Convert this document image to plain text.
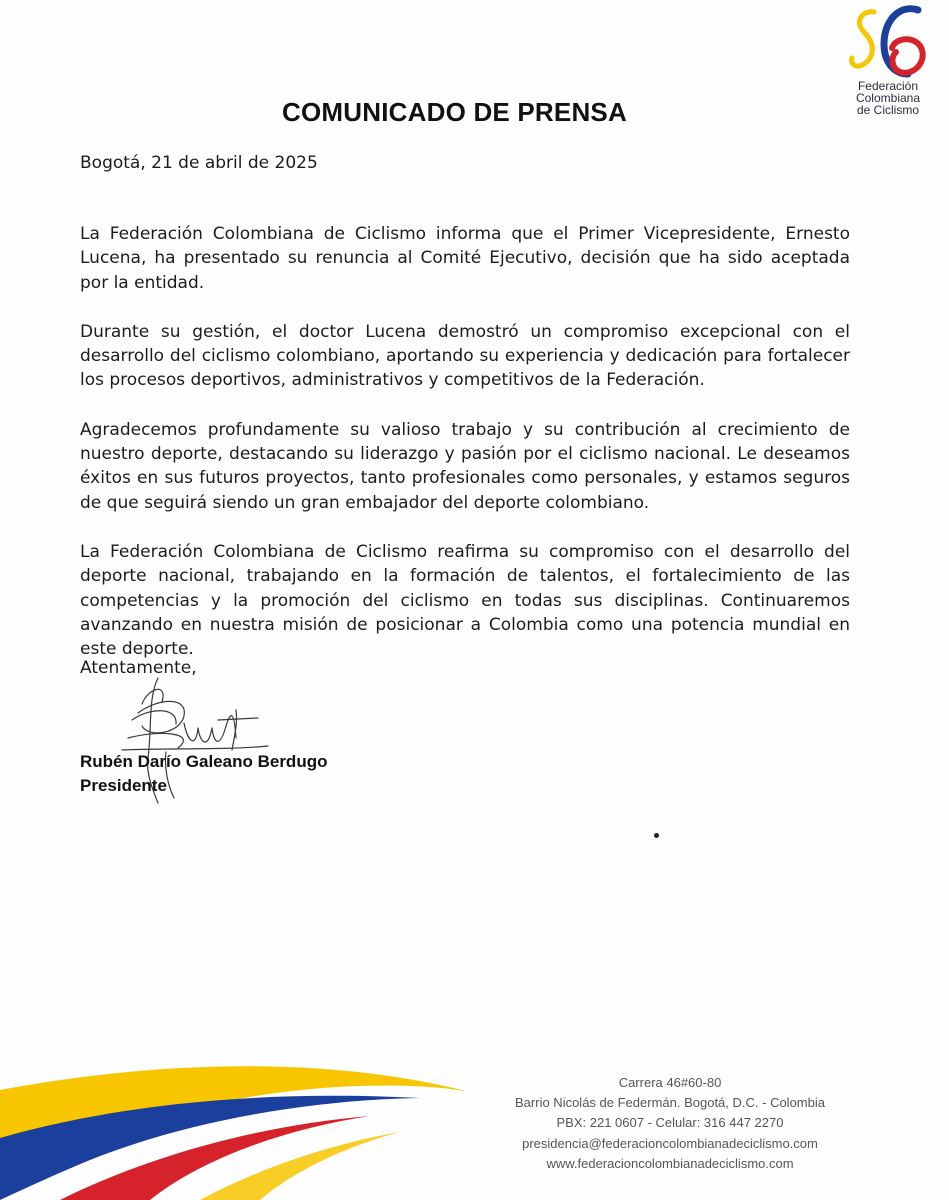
Federación
Colombiana
de Ciclismo
COMUNICADO DE PRENSA
Bogotá, 21 de abril de 2025

La Federación Colombiana de Ciclismo informa que el Primer Vicepresidente, Ernesto Lucena, ha presentado su renuncia al Comité Ejecutivo, decisión que ha sido aceptada por la entidad.

Durante su gestión, el doctor Lucena demostró un compromiso excepcional con el desarrollo del ciclismo colombiano, aportando su experiencia y dedicación para fortalecer los procesos deportivos, administrativos y competitivos de la Federación.

Agradecemos profundamente su valioso trabajo y su contribución al crecimiento de nuestro deporte, destacando su liderazgo y pasión por el ciclismo nacional. Le deseamos éxitos en sus futuros proyectos, tanto profesionales como personales, y estamos seguros de que seguirá siendo un gran embajador del deporte colombiano.

La Federación Colombiana de Ciclismo reafirma su compromiso con el desarrollo del deporte nacional, trabajando en la formación de talentos, el fortalecimiento de las competencias y la promoción del ciclismo en todas sus disciplinas. Continuaremos avanzando en nuestra misión de posicionar a Colombia como una potencia mundial en este deporte.

Atentamente,
Rubén Darío Galeano Berdugo
Presidente
Carrera 46#60-80
Barrio Nicolás de Federmán. Bogotá, D.C. - Colombia
PBX: 221 0607 - Celular: 316 447 2270
presidencia@federacioncolombianadeciclismo.com
www.federacioncolombianadeciclismo.com
